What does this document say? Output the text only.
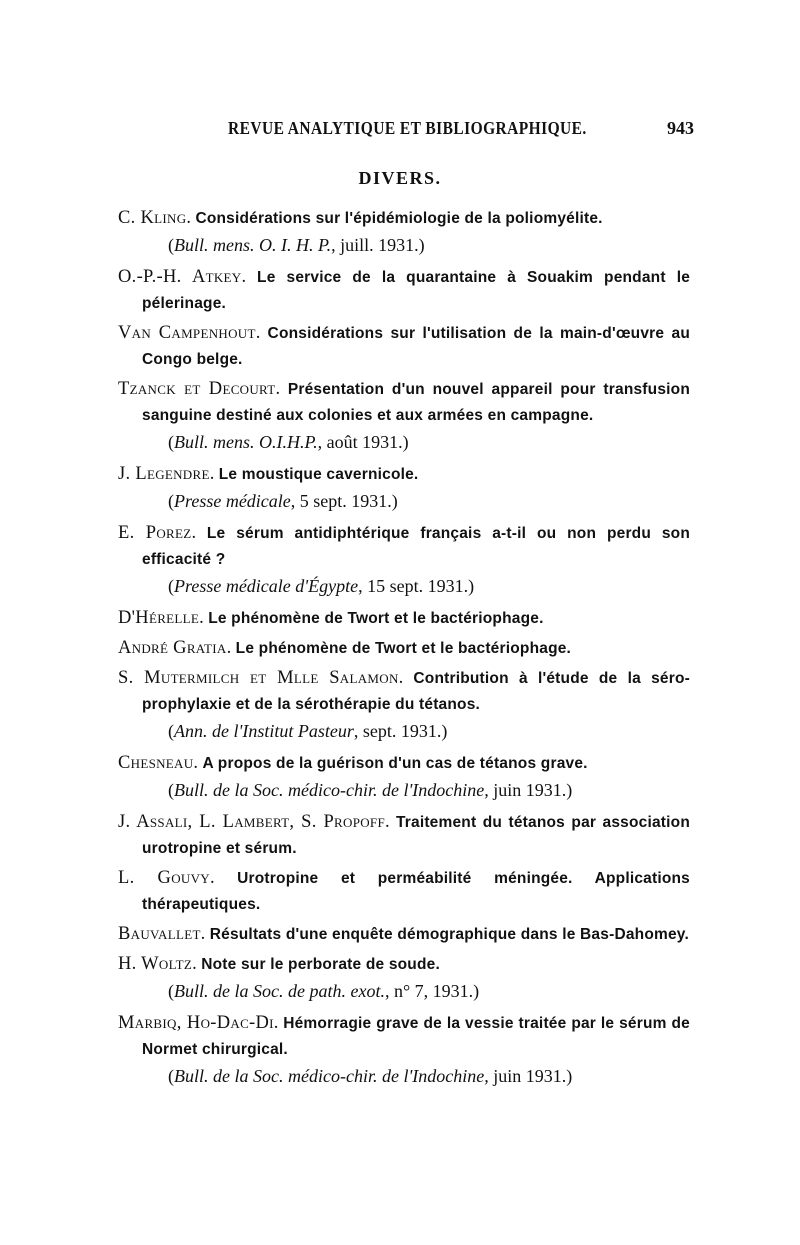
REVUE ANALYTIQUE ET BIBLIOGRAPHIQUE.	943
DIVERS.
C. Kling. Considérations sur l'épidémiologie de la poliomyélite.
(Bull. mens. O. I. H. P., juill. 1931.)
O.-P.-H. Atkey. Le service de la quarantaine à Souakim pendant le pélerinage.
Van Campenhout. Considérations sur l'utilisation de la main-d'œuvre au Congo belge.
Tzanck et Decourt. Présentation d'un nouvel appareil pour transfusion sanguine destiné aux colonies et aux armées en campagne.
(Bull. mens. O.I.H.P., août 1931.)
J. Legendre. Le moustique cavernicole.
(Presse médicale, 5 sept. 1931.)
E. Porez. Le sérum antidiphtérique français a-t-il ou non perdu son efficacité ?
(Presse médicale d'Égypte, 15 sept. 1931.)
D'Hérelle. Le phénomène de Twort et le bactériophage.
André Gratia. Le phénomène de Twort et le bactériophage.
S. Mutermilch et Mlle Salamon. Contribution à l'étude de la séro-prophylaxie et de la sérothérapie du tétanos.
(Ann. de l'Institut Pasteur, sept. 1931.)
Chesneau. A propos de la guérison d'un cas de tétanos grave.
(Bull. de la Soc. médico-chir. de l'Indochine, juin 1931.)
J. Assali, L. Lambert, S. Propoff. Traitement du tétanos par association urotropine et sérum.
L. Gouvy. Urotropine et perméabilité méningée. Applications thérapeutiques.
Bauvallet. Résultats d'une enquête démographique dans le Bas-Dahomey.
H. Woltz. Note sur le perborate de soude.
(Bull. de la Soc. de path. exot., n° 7, 1931.)
Marbiq, Ho-Dac-Di. Hémorragie grave de la vessie traitée par le sérum de Normet chirurgical.
(Bull. de la Soc. médico-chir. de l'Indochine, juin 1931.)
